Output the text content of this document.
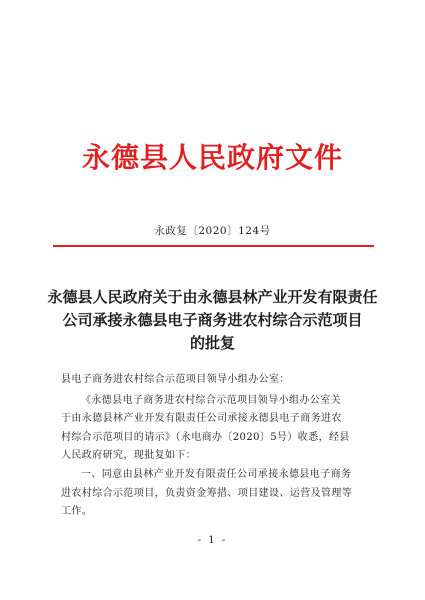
永德县人民政府文件
永政复〔2020〕124号
永德县人民政府关于由永德县林产业开发有限责任
公司承接永德县电子商务进农村综合示范项目
的批复

县电子商务进农村综合示范项目领导小组办公室：

《永德县电子商务进农村综合示范项目领导小组办公室关

于由永德县林产业开发有限责任公司承接永德县电子商务进农

村综合示范项目的请示》（永电商办〔2020〕5号）收悉，经县

人民政府研究，现批复如下：

一、同意由县林产业开发有限责任公司承接永德县电子商务

进农村综合示范项目，负责资金筹措、项目建设、运营及管理等

工作。

- 1 -
